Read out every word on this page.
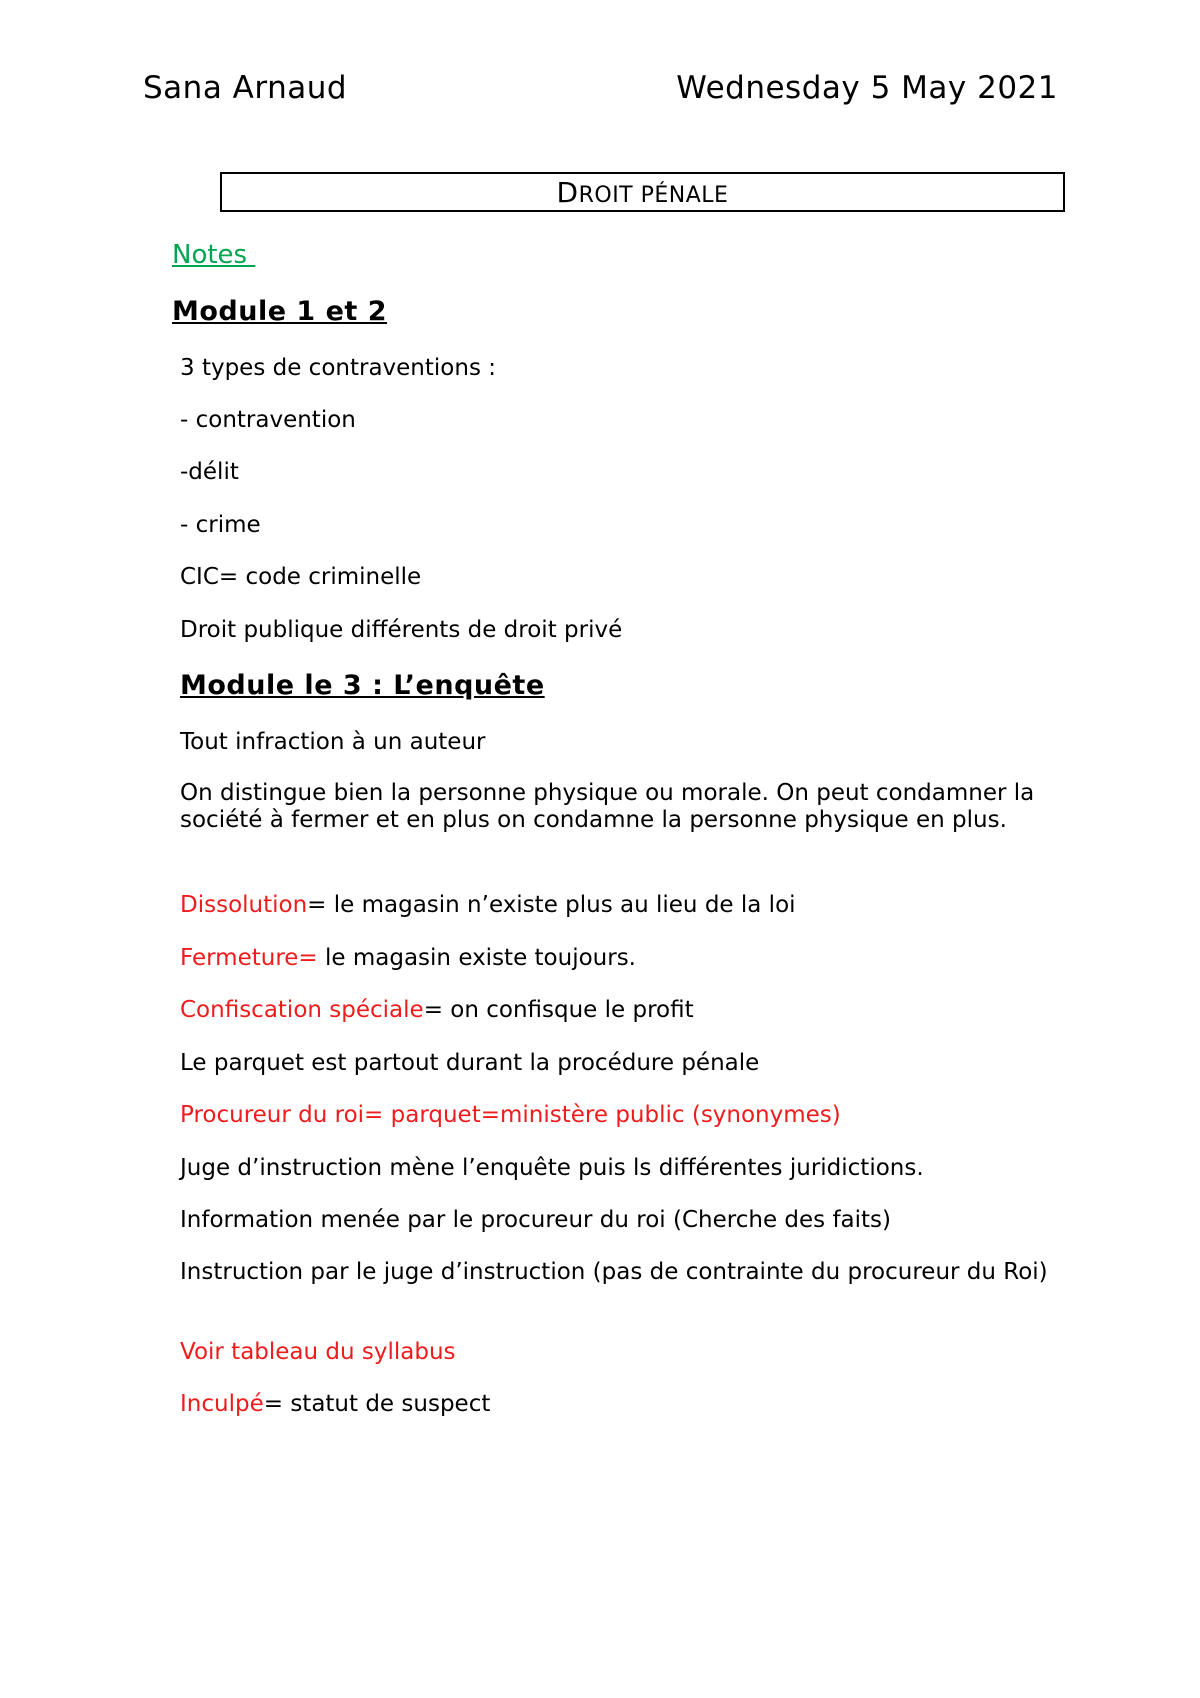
Sana Arnaud	Wednesday 5 May 2021
DROIT PÉNALE
Notes
Module 1 et 2
3 types de contraventions :
- contravention
-délit
- crime
CIC= code criminelle
Droit publique différents de droit privé
Module le 3 : L’enquête
Tout infraction à un auteur
On distingue bien la personne physique ou morale. On peut condamner la société à fermer et en plus on condamne la personne physique en plus.
Dissolution= le magasin n’existe plus au lieu de la loi
Fermeture= le magasin existe toujours.
Confiscation spéciale= on confisque le profit
Le parquet est partout durant la procédure pénale
Procureur du roi= parquet=ministère public (synonymes)
Juge d’instruction mène l’enquête puis ls différentes juridictions.
Information menée par le procureur du roi (Cherche des faits)
Instruction par le juge d’instruction (pas de contrainte du procureur du Roi)
Voir tableau du syllabus
Inculpé= statut de suspect
